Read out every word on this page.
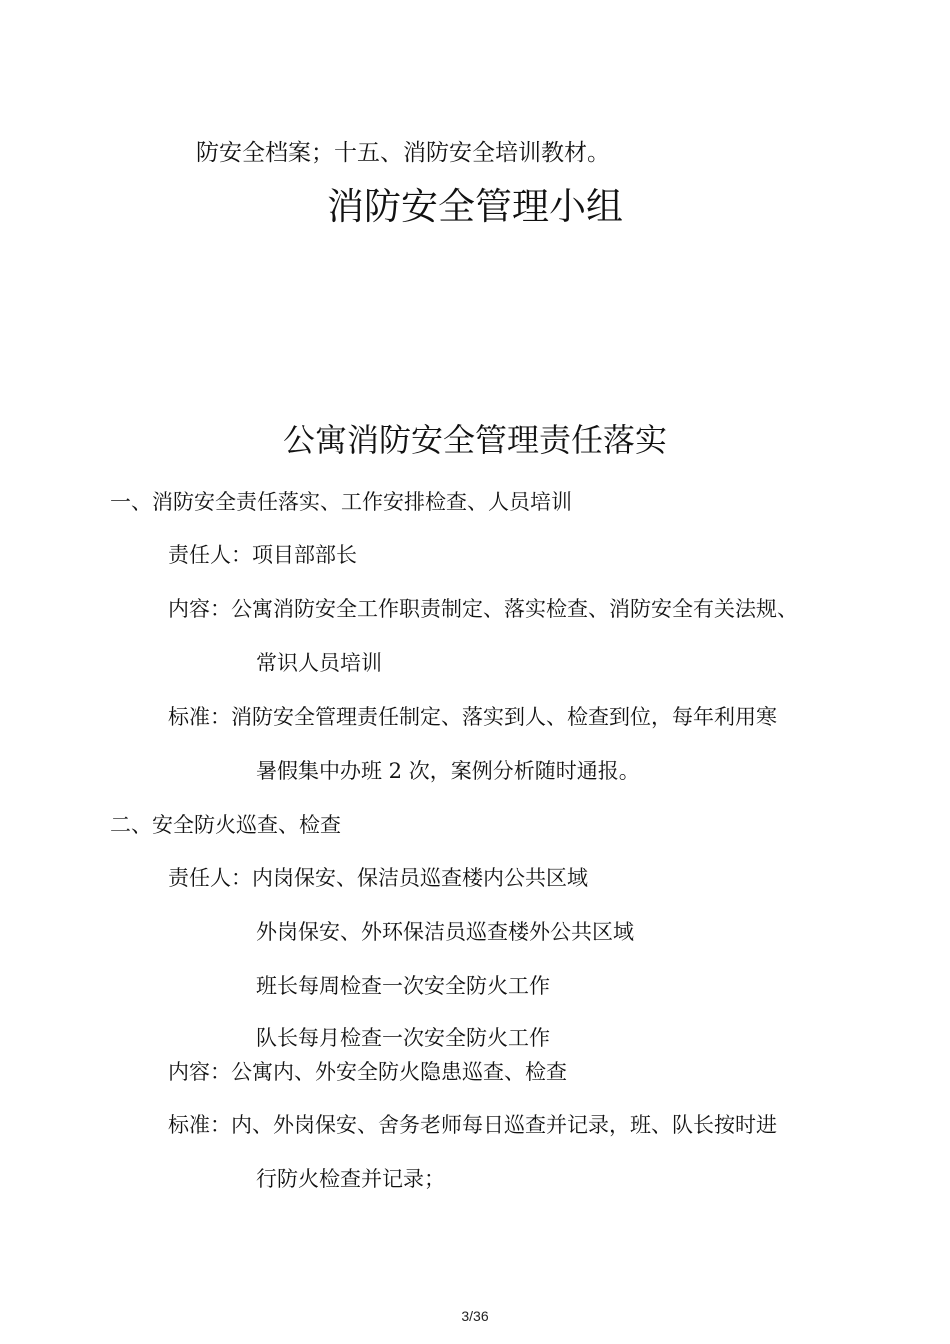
防安全档案；十五、消防安全培训教材。
消防安全管理小组
公寓消防安全管理责任落实
一、消防安全责任落实、工作安排检查、人员培训
责任人：项目部部长
内容：公寓消防安全工作职责制定、落实检查、消防安全有关法规、
常识人员培训
标准：消防安全管理责任制定、落实到人、检查到位，每年利用寒
暑假集中办班 2 次，案例分析随时通报。
二、安全防火巡查、检查
责任人：内岗保安、保洁员巡查楼内公共区域
外岗保安、外环保洁员巡查楼外公共区域
班长每周检查一次安全防火工作
队长每月检查一次安全防火工作
内容：公寓内、外安全防火隐患巡查、检查
标准：内、外岗保安、舍务老师每日巡查并记录，班、队长按时进
行防火检查并记录；
3/36
